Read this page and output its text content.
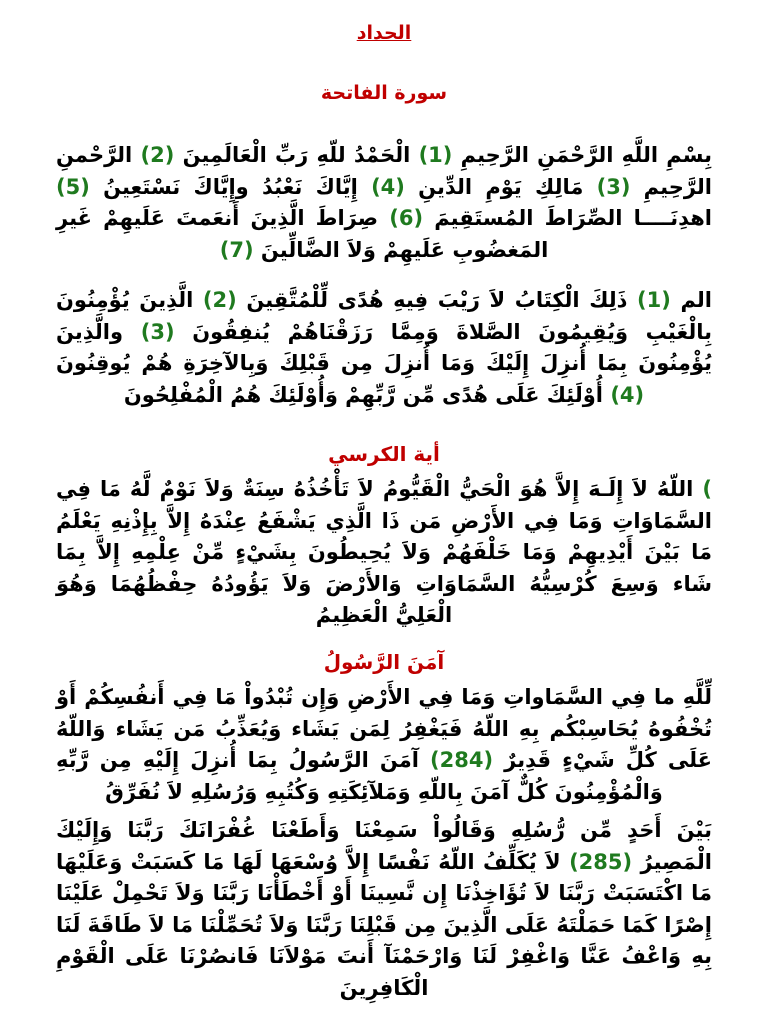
الحداد
سورة الفاتحة

بِسْمِ اللَّهِ الرَّحْمَنِ الرَّحِيمِ (1) الْحَمْدُ للّهِ رَبِّ الْعَالَمِينَ (2) الرَّحْمنِ الرَّحِيمِ (3) مَالِكِ يَوْمِ الدِّينِ (4) إِيَّاكَ نَعْبُدُ وإِيَّاكَ نَسْتَعِينُ (5) اهدِنَــــا الصِّرَاطَ المُستَقِيمَ (6) صِرَاطَ الَّذِينَ أَنعَمتَ عَلَيهِمْ غَيرِ المَغضُوبِ عَلَيهِمْ وَلاَ الضَّالِّينَ (7)

الم (1) ذَلِكَ الْكِتَابُ لاَ رَيْبَ فِيهِ هُدًى لِّلْمُتَّقِينَ (2) الَّذِينَ يُؤْمِنُونَ بِالْغَيْبِ وَيُقِيمُونَ الصَّلاةَ وَمِمَّا رَزَقْنَاهُمْ يُنفِقُونَ (3) والَّذِينَ يُؤْمِنُونَ بِمَا أُنزِلَ إِلَيْكَ وَمَا أُنزِلَ مِن قَبْلِكَ وَبِالآخِرَةِ هُمْ يُوقِنُونَ (4) أُوْلَئِكَ عَلَى هُدًى مِّن رَّبِّهِمْ وَأُوْلَئِكَ هُمُ الْمُفْلِحُونَ

أية الكرسي

) اللّهُ لاَ إِلَـهَ إِلاَّ هُوَ الْحَيُّ الْقَيُّومُ لاَ تَأْخُذُهُ سِنَةٌ وَلاَ نَوْمٌ لَّهُ مَا فِي السَّمَاوَاتِ وَمَا فِي الأَرْضِ مَن ذَا الَّذِي يَشْفَعُ عِنْدَهُ إِلاَّ بِإِذْنِهِ يَعْلَمُ مَا بَيْنَ أَيْدِيهِمْ وَمَا خَلْفَهُمْ وَلاَ يُحِيطُونَ بِشَيْءٍ مِّنْ عِلْمِهِ إِلاَّ بِمَا شَاء وَسِعَ كُرْسِيُّهُ السَّمَاوَاتِ وَالأَرْضَ وَلاَ يَؤُودُهُ حِفْظُهُمَا وَهُوَ الْعَلِيُّ الْعَظِيمُ

آمَنَ الرَّسُولُ

لِّلَّهِ ما فِي السَّمَاواتِ وَمَا فِي الأَرْضِ وَإِن تُبْدُواْ مَا فِي أَنفُسِكُمْ أَوْ تُخْفُوهُ يُحَاسِبْكُم بِهِ اللّهُ فَيَغْفِرُ لِمَن يَشَاء وَيُعَذِّبُ مَن يَشَاء وَاللّهُ عَلَى كُلِّ شَيْءٍ قَدِيرٌ (284) آمَنَ الرَّسُولُ بِمَا أُنزِلَ إِلَيْهِ مِن رَّبِّهِ وَالْمُؤْمِنُونَ كُلٌّ آمَنَ بِاللّهِ وَمَلآئِكَتِهِ وَكُتُبِهِ وَرُسُلِهِ لاَ نُفَرِّقُ

بَيْنَ أَحَدٍ مِّن رُّسُلِهِ وَقَالُواْ سَمِعْنَا وَأَطَعْنَا غُفْرَانَكَ رَبَّنَا وَإِلَيْكَ الْمَصِيرُ (285) لاَ يُكَلِّفُ اللّهُ نَفْسًا إِلاَّ وُسْعَهَا لَهَا مَا كَسَبَتْ وَعَلَيْهَا مَا اكْتَسَبَتْ رَبَّنَا لاَ تُؤَاخِذْنَا إِن نَّسِينَا أَوْ أَخْطَأْنَا رَبَّنَا وَلاَ تَحْمِلْ عَلَيْنَا إِصْرًا كَمَا حَمَلْتَهُ عَلَى الَّذِينَ مِن قَبْلِنَا رَبَّنَا وَلاَ تُحَمِّلْنَا مَا لاَ طَاقَةَ لَنَا بِهِ وَاعْفُ عَنَّا وَاغْفِرْ لَنَا وَارْحَمْنَآ أَنتَ مَوْلاَنَا فَانصُرْنَا عَلَى الْقَوْمِ الْكَافِرِينَ
